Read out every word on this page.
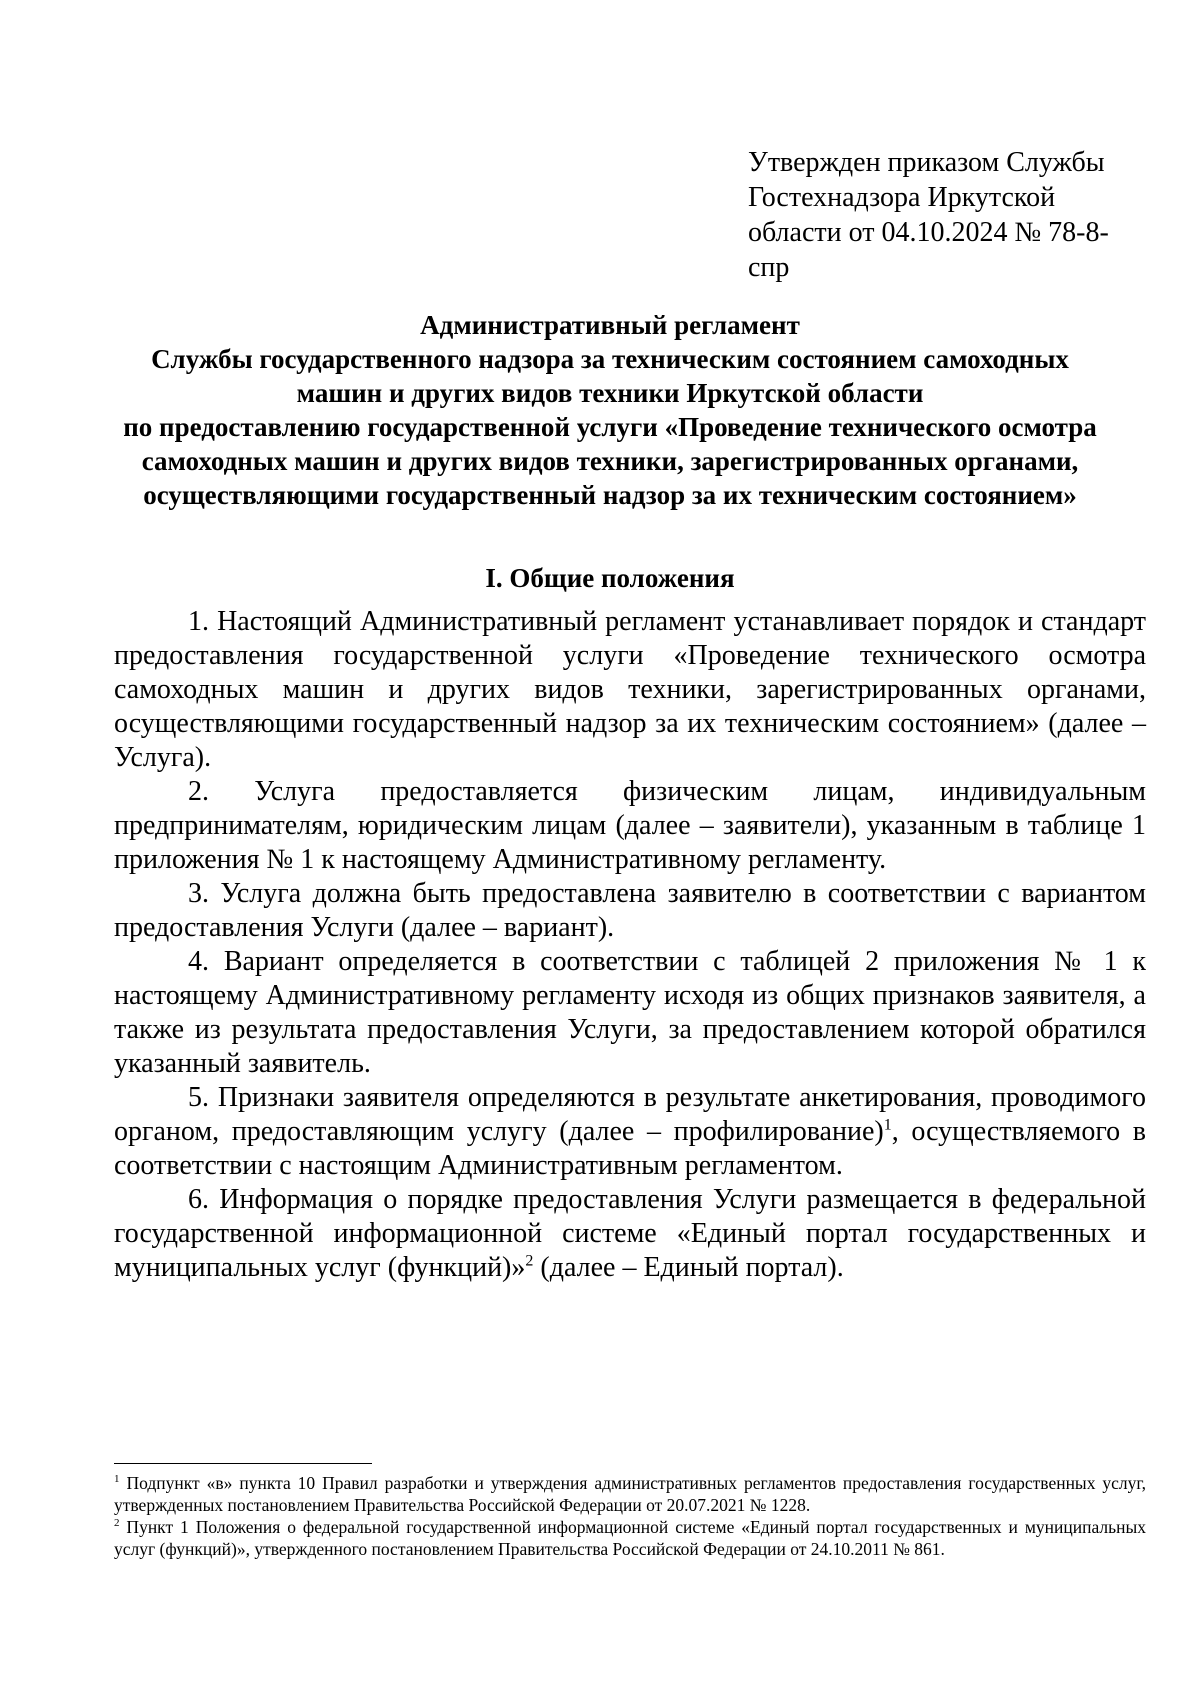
Утвержден приказом Службы
Гостехнадзора Иркутской
области от 04.10.2024 № 78-8-
спр
Административный регламент
Службы государственного надзора за техническим состоянием самоходных
машин и других видов техники Иркутской области
по предоставлению государственной услуги «Проведение технического осмотра
самоходных машин и других видов техники, зарегистрированных органами,
осуществляющими государственный надзор за их техническим состоянием»
I. Общие положения

1. Настоящий Административный регламент устанавливает порядок и стандарт предоставления государственной услуги «Проведение технического осмотра самоходных машин и других видов техники, зарегистрированных органами, осуществляющими государственный надзор за их техническим состоянием» (далее – Услуга).

2. Услуга предоставляется физическим лицам, индивидуальным предпринимателям, юридическим лицам (далее – заявители), указанным в таблице 1 приложения № 1 к настоящему Административному регламенту.

3. Услуга должна быть предоставлена заявителю в соответствии с вариантом предоставления Услуги (далее – вариант).

4. Вариант определяется в соответствии с таблицей 2 приложения № 1 к настоящему Административному регламенту исходя из общих признаков заявителя, а также из результата предоставления Услуги, за предоставлением которой обратился указанный заявитель.

5. Признаки заявителя определяются в результате анкетирования, проводимого органом, предоставляющим услугу (далее – профилирование)$^1$, осуществляемого в соответствии с настоящим Административным регламентом.

6. Информация о порядке предоставления Услуги размещается в федеральной государственной информационной системе «Единый портал государственных и муниципальных услуг (функций)»$^2$ (далее – Единый портал).

$^1$ Подпункт «в» пункта 10 Правил разработки и утверждения административных регламентов предоставления государственных услуг, утвержденных постановлением Правительства Российской Федерации от 20.07.2021 № 1228.

$^2$ Пункт 1 Положения о федеральной государственной информационной системе «Единый портал государственных и муниципальных услуг (функций)», утвержденного постановлением Правительства Российской Федерации от 24.10.2011 № 861.
